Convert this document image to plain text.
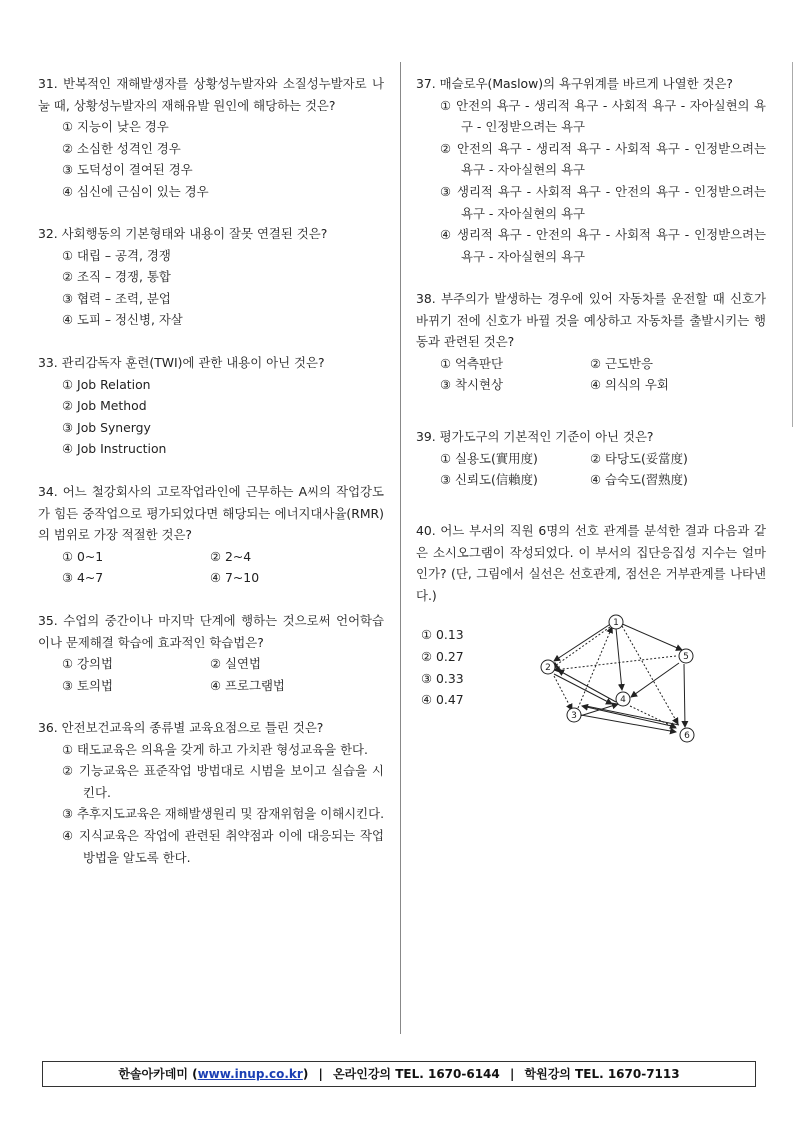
31. 반복적인 재해발생자를 상황성누발자와 소질성누발자로 나눌 때, 상황성누발자의 재해유발 원인에 해당하는 것은?
① 지능이 낮은 경우
② 소심한 성격인 경우
③ 도덕성이 결여된 경우
④ 심신에 근심이 있는 경우
32. 사회행동의 기본형태와 내용이 잘못 연결된 것은?
① 대립 – 공격, 경쟁
② 조직 – 경쟁, 통합
③ 협력 – 조력, 분업
④ 도피 – 정신병, 자살
33. 관리감독자 훈련(TWI)에 관한 내용이 아닌 것은?
① Job Relation
② Job Method
③ Job Synergy
④ Job Instruction
34. 어느 철강회사의 고로작업라인에 근무하는 A씨의 작업강도가 힘든 중작업으로 평가되었다면 해당되는 에너지대사율(RMR)의 범위로 가장 적절한 것은?
① 0~1	② 2~4
③ 4~7	④ 7~10
35. 수업의 중간이나 마지막 단계에 행하는 것으로써 언어학습이나 문제해결 학습에 효과적인 학습법은?
① 강의법	② 실연법
③ 토의법	④ 프로그램법
36. 안전보건교육의 종류별 교육요점으로 틀린 것은?
① 태도교육은 의욕을 갖게 하고 가치관 형성교육을 한다.
② 기능교육은 표준작업 방법대로 시범을 보이고 실습을 시킨다.
③ 추후지도교육은 재해발생원리 및 잠재위험을 이해시킨다.
④ 지식교육은 작업에 관련된 취약점과 이에 대응되는 작업 방법을 알도록 한다.
37. 매슬로우(Maslow)의 욕구위계를 바르게 나열한 것은?
① 안전의 욕구 - 생리적 욕구 - 사회적 욕구 - 자아실현의 욕구 - 인정받으려는 욕구
② 안전의 욕구 - 생리적 욕구 - 사회적 욕구 - 인정받으려는 욕구 - 자아실현의 욕구
③ 생리적 욕구 - 사회적 욕구 - 안전의 욕구 - 인정받으려는 욕구 - 자아실현의 욕구
④ 생리적 욕구 - 안전의 욕구 - 사회적 욕구 - 인정받으려는 욕구 - 자아실현의 욕구
38. 부주의가 발생하는 경우에 있어 자동차를 운전할 때 신호가 바뀌기 전에 신호가 바뀔 것을 예상하고 자동차를 출발시키는 행동과 관련된 것은?
① 억측판단	② 근도반응
③ 착시현상	④ 의식의 우회
39. 평가도구의 기본적인 기준이 아닌 것은?
① 실용도(實用度)	② 타당도(妥當度)
③ 신뢰도(信賴度)	④ 습숙도(習熟度)
40. 어느 부서의 직원 6명의 선호 관계를 분석한 결과 다음과 같은 소시오그램이 작성되었다. 이 부서의 집단응집성 지수는 얼마인가? (단, 그림에서 실선은 선호관계, 점선은 거부관계를 나타낸다.)
① 0.13
② 0.27
③ 0.33
④ 0.47
1
2
3
4
5
6
한솔아카데미 (www.inup.co.kr) | 온라인강의 TEL. 1670-6144 | 학원강의 TEL. 1670-7113
